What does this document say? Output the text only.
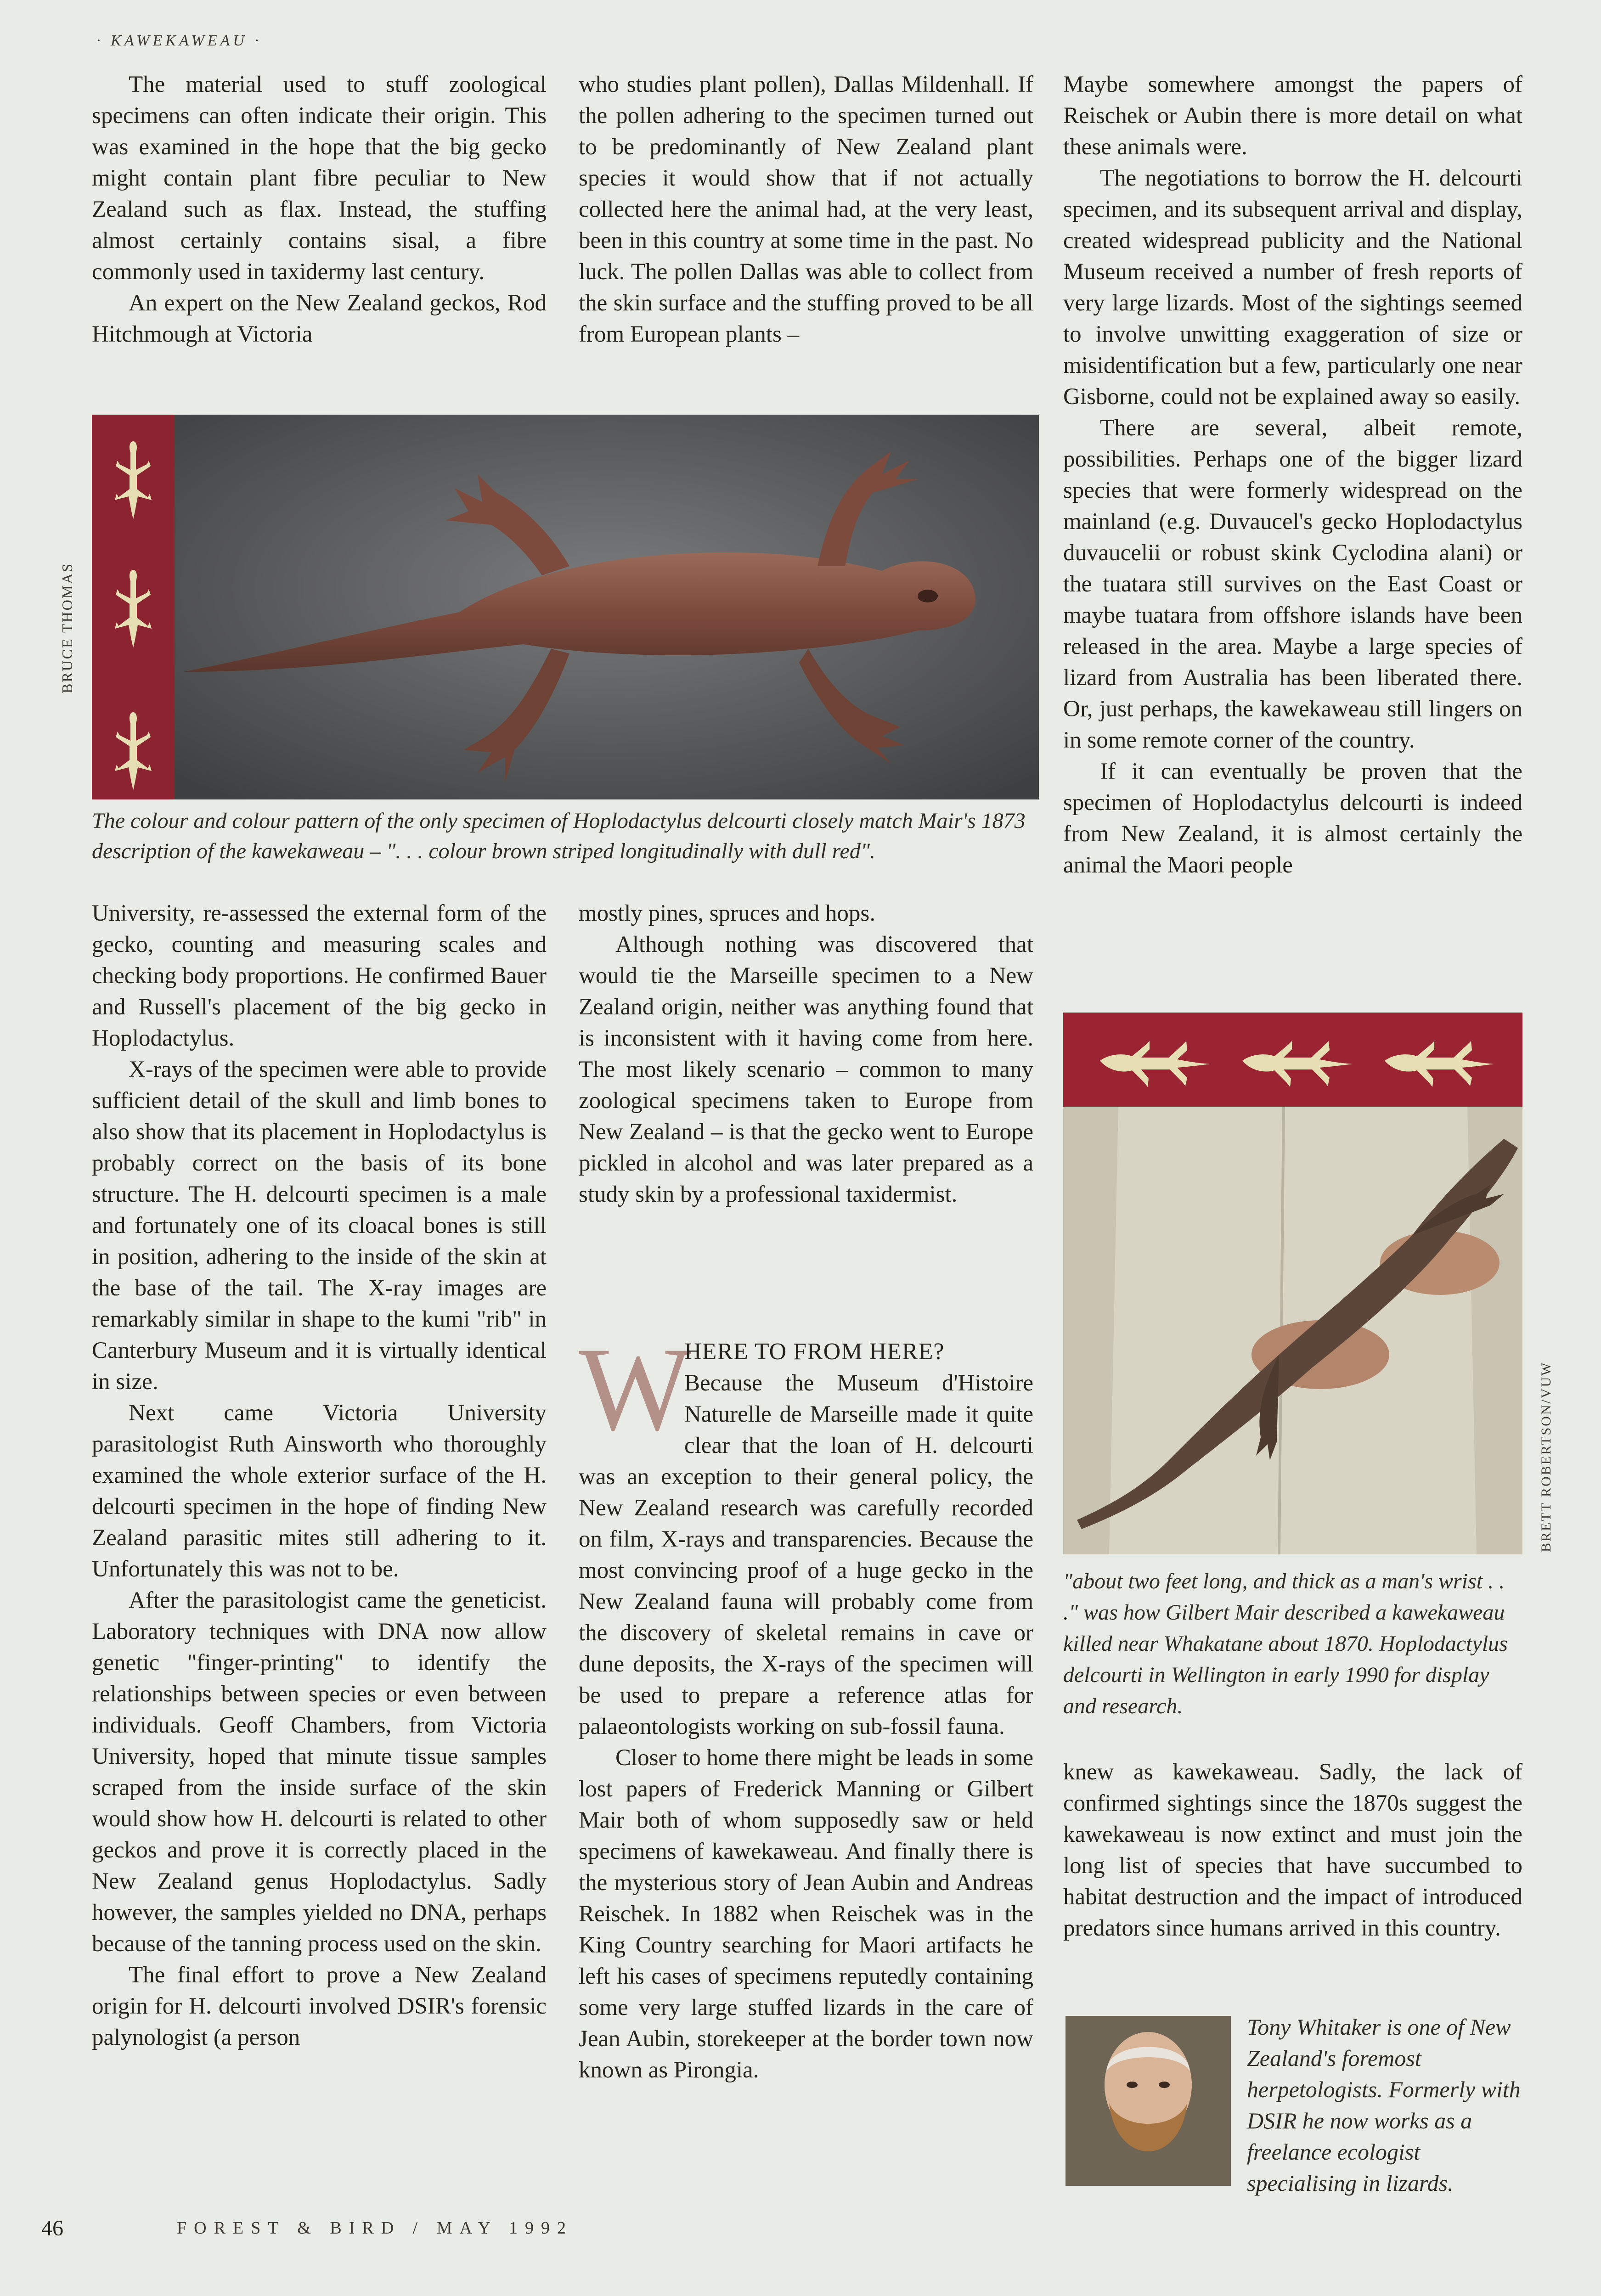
· KAWEKAWEAU ·

The material used to stuff zoological specimens can often indicate their origin. This was examined in the hope that the big gecko might contain plant fibre peculiar to New Zealand such as flax. Instead, the stuffing almost certainly contains sisal, a fibre commonly used in taxidermy last century.

An expert on the New Zealand geckos, Rod Hitchmough at Victoria

who studies plant pollen), Dallas Mildenhall. If the pollen adhering to the specimen turned out to be predominantly of New Zealand plant species it would show that if not actually collected here the animal had, at the very least, been in this country at some time in the past. No luck. The pollen Dallas was able to collect from the skin surface and the stuffing proved to be all from European plants –

Maybe somewhere amongst the papers of Reischek or Aubin there is more detail on what these animals were.

The negotiations to borrow the H. delcourti specimen, and its subsequent arrival and display, created widespread publicity and the National Museum received a number of fresh reports of very large lizards. Most of the sightings seemed to involve unwitting exaggeration of size or misidentification but a few, particularly one near Gisborne, could not be explained away so easily.

There are several, albeit remote, possibilities. Perhaps one of the bigger lizard species that were formerly widespread on the mainland (e.g. Duvaucel's gecko Hoplodactylus duvaucelii or robust skink Cyclodina alani) or the tuatara still survives on the East Coast or maybe tuatara from offshore islands have been released in the area. Maybe a large species of lizard from Australia has been liberated there. Or, just perhaps, the kawekaweau still lingers on in some remote corner of the country.

If it can eventually be proven that the specimen of Hoplodactylus delcourti is indeed from New Zealand, it is almost certainly the animal the Maori people

BRUCE THOMAS
The colour and colour pattern of the only specimen of Hoplodactylus delcourti closely match Mair's 1873 description of the kawekaweau – ". . . colour brown striped longitudinally with dull red".

University, re-assessed the external form of the gecko, counting and measuring scales and checking body proportions. He confirmed Bauer and Russell's placement of the big gecko in Hoplodactylus.

X-rays of the specimen were able to provide sufficient detail of the skull and limb bones to also show that its placement in Hoplodactylus is probably correct on the basis of its bone structure. The H. delcourti specimen is a male and fortunately one of its cloacal bones is still in position, adhering to the inside of the skin at the base of the tail. The X-ray images are remarkably similar in shape to the kumi "rib" in Canterbury Museum and it is virtually identical in size.

Next came Victoria University parasitologist Ruth Ainsworth who thoroughly examined the whole exterior surface of the H. delcourti specimen in the hope of finding New Zealand parasitic mites still adhering to it. Unfortunately this was not to be.

After the parasitologist came the geneticist. Laboratory techniques with DNA now allow genetic "finger-printing" to identify the relationships between species or even between individuals. Geoff Chambers, from Victoria University, hoped that minute tissue samples scraped from the inside surface of the skin would show how H. delcourti is related to other geckos and prove it is correctly placed in the New Zealand genus Hoplodactylus. Sadly however, the samples yielded no DNA, perhaps because of the tanning process used on the skin.

The final effort to prove a New Zealand origin for H. delcourti involved DSIR's forensic palynologist (a person

mostly pines, spruces and hops.

Although nothing was discovered that would tie the Marseille specimen to a New Zealand origin, neither was anything found that is inconsistent with it having come from here. The most likely scenario – common to many zoological specimens taken to Europe from New Zealand – is that the gecko went to Europe pickled in alcohol and was later prepared as a study skin by a professional taxidermist.

W

HERE TO FROM HERE?

Because the Museum d'Histoire Naturelle de Marseille made it quite clear that the loan of H. delcourti was an exception to their general policy, the New Zealand research was carefully recorded on film, X-rays and transparencies. Because the most convincing proof of a huge gecko in the New Zealand fauna will probably come from the discovery of skeletal remains in cave or dune deposits, the X-rays of the specimen will be used to prepare a reference atlas for palaeontologists working on sub-fossil fauna.

Closer to home there might be leads in some lost papers of Frederick Manning or Gilbert Mair both of whom supposedly saw or held specimens of kawekaweau. And finally there is the mysterious story of Jean Aubin and Andreas Reischek. In 1882 when Reischek was in the King Country searching for Maori artifacts he left his cases of specimens reputedly containing some very large stuffed lizards in the care of Jean Aubin, storekeeper at the border town now known as Pirongia.

BRETT ROBERTSON/VUW
"about two feet long, and thick as a man's wrist . . ." was how Gilbert Mair described a kawekaweau killed near Whakatane about 1870. Hoplodactylus delcourti in Wellington in early 1990 for display and research.

knew as kawekaweau. Sadly, the lack of confirmed sightings since the 1870s suggest the kawekaweau is now extinct and must join the long list of species that have succumbed to habitat destruction and the impact of introduced predators since humans arrived in this country.

Tony Whitaker is one of New Zealand's foremost herpetologists. Formerly with DSIR he now works as a freelance ecologist specialising in lizards.
46	FOREST & BIRD / MAY 1992
